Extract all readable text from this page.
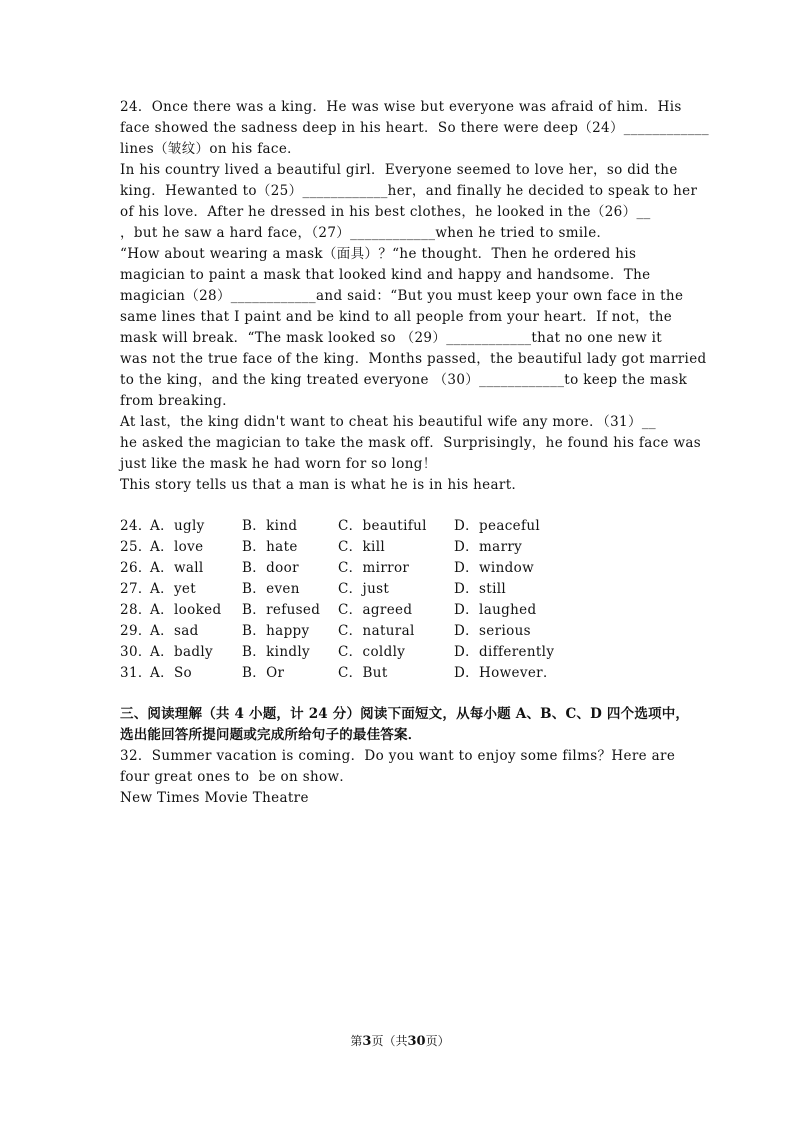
24．Once there was a king．He was wise but everyone was afraid of him．His
face showed the sadness deep in his heart．So there were deep（24）____________
lines（皱纹）on his face．
In his country lived a beautiful girl．Everyone seemed to love her，so did the
king．Hewanted to（25）____________her，and finally he decided to speak to her
of his love．After he dressed in his best clothes，he looked in the（26）__
，but he saw a hard face，（27）____________when he tried to smile．
“How about wearing a mask（面具）？“he thought．Then he ordered his
magician to paint a mask that looked kind and happy and handsome．The
magician（28）____________and said：“But you must keep your own face in the
same lines that I paint and be kind to all people from your heart．If not，the
mask will break．“The mask looked so （29）____________that no one new it
was not the true face of the king．Months passed，the beautiful lady got married
to the king，and the king treated everyone （30）____________to keep the mask
from breaking．
At last，the king didn't want to cheat his beautiful wife any more．（31）__
he asked the magician to take the mask off．Surprisingly，he found his face was
just like the mask he had worn for so long！
This story tells us that a man is what he is in his heart．
24．A．ugly	B．kind	C．beautiful D．peaceful
25．A．love	B．hate	C．kill	D．marry
26．A．wall	B．door	C．mirror	D．window
27．A．yet	B．even	C．just	D．still
28．A．looked B．refused C．agreed	D．laughed
29．A．sad	B．happy C．natural	D．serious
30．A．badly B．kindly C．coldly	D．differently
31．A．So	B．Or	C．But	D．However．
三、阅读理解（共 4 小题，计 24 分）阅读下面短文，从每小题 A、B、C、D 四个选项中，
选出能回答所提问题或完成所给句子的最佳答案．
32．Summer vacation is coming．Do you want to enjoy some films？Here are
four great ones to  be on show．
New Times Movie Theatre
第3页（共30页）
